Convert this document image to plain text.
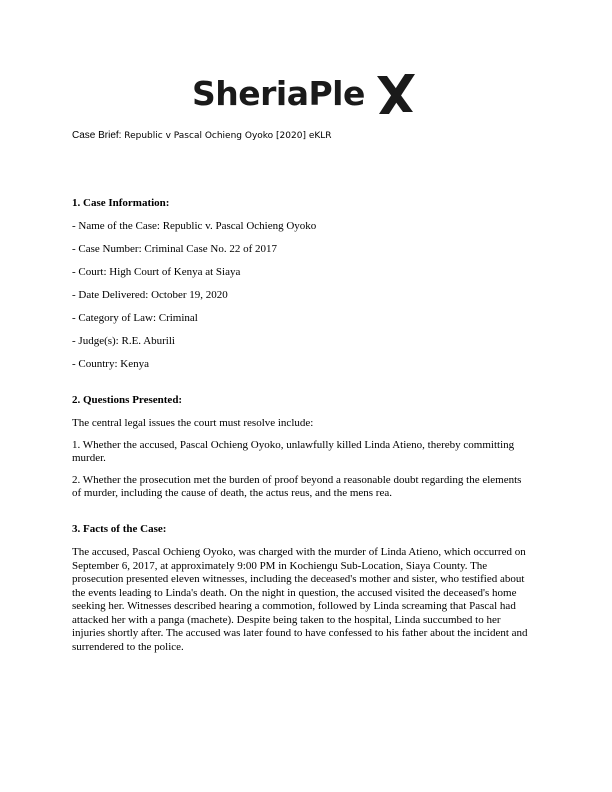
SheriaPle
Case Brief: Republic v Pascal Ochieng Oyoko [2020] eKLR
1. Case Information:
- Name of the Case: Republic v. Pascal Ochieng Oyoko
- Case Number: Criminal Case No. 22 of 2017
- Court: High Court of Kenya at Siaya
- Date Delivered: October 19, 2020
- Category of Law: Criminal
- Judge(s): R.E. Aburili
- Country: Kenya
2. Questions Presented:

The central legal issues the court must resolve include:

1. Whether the accused, Pascal Ochieng Oyoko, unlawfully killed Linda Atieno, thereby committing murder.

2. Whether the prosecution met the burden of proof beyond a reasonable doubt regarding the elements of murder, including the cause of death, the actus reus, and the mens rea.

3. Facts of the Case:

The accused, Pascal Ochieng Oyoko, was charged with the murder of Linda Atieno, which occurred on September 6, 2017, at approximately 9:00 PM in Kochiengu Sub-Location, Siaya County. The prosecution presented eleven witnesses, including the deceased's mother and sister, who testified about the events leading to Linda's death. On the night in question, the accused visited the deceased's home seeking her. Witnesses described hearing a commotion, followed by Linda screaming that Pascal had attacked her with a panga (machete). Despite being taken to the hospital, Linda succumbed to her injuries shortly after. The accused was later found to have confessed to his father about the incident and surrendered to the police.
